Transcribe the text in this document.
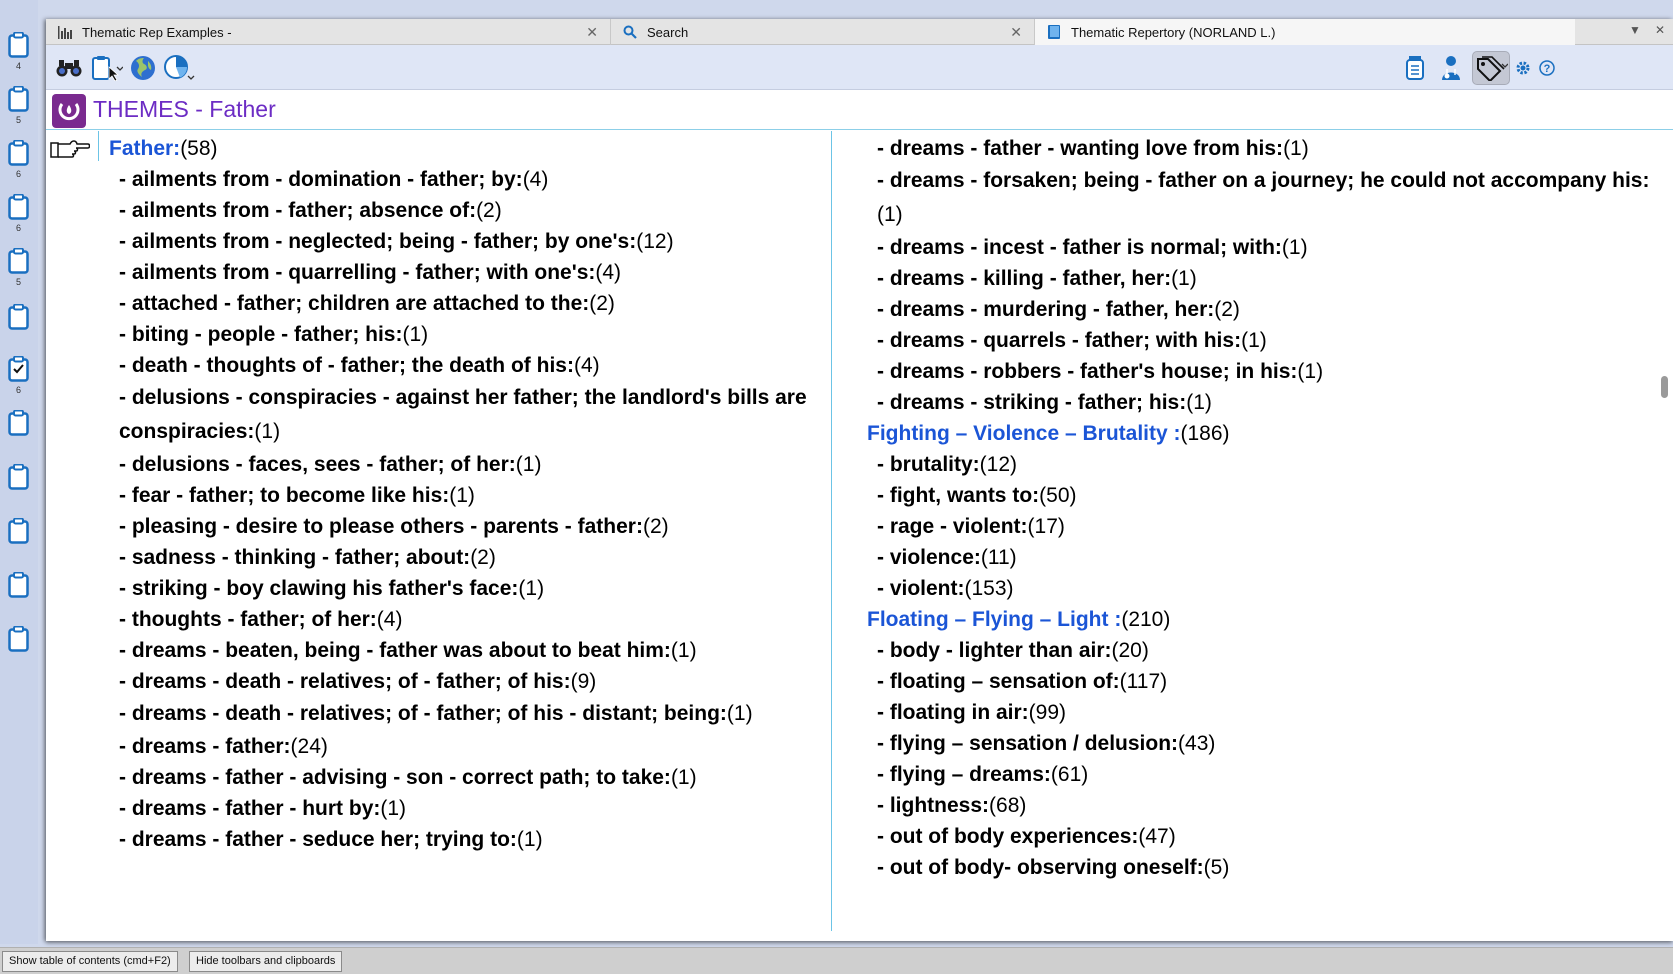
4
5
6
6
5
6
Thematic Rep Examples -	✕	Search	✕	Thematic Repertory (NORLAND L.)	▼ ✕
?
THEMES - Father
Father:(58)
- ailments from - domination - father; by:(4)
- ailments from - father; absence of:(2)
- ailments from - neglected; being - father; by one's:(12)
- ailments from - quarrelling - father; with one's:(4)
- attached - father; children are attached to the:(2)
- biting - people - father; his:(1)
- death - thoughts of - father; the death of his:(4)
- delusions - conspiracies - against her father; the landlord's bills are conspiracies:(1)
- delusions - faces, sees - father; of her:(1)
- fear - father; to become like his:(1)
- pleasing - desire to please others - parents - father:(2)
- sadness - thinking - father; about:(2)
- striking - boy clawing his father's face:(1)
- thoughts - father; of her:(4)
- dreams - beaten, being - father was about to beat him:(1)
- dreams - death - relatives; of - father; of his:(9)
- dreams - death - relatives; of - father; of his - distant; being:(1)
- dreams - father:(24)
- dreams - father - advising - son - correct path; to take:(1)
- dreams - father - hurt by:(1)
- dreams - father - seduce her; trying to:(1)
- dreams - father - wanting love from his:(1)
- dreams - forsaken; being - father on a journey; he could not accompany his:(1)
- dreams - incest - father is normal; with:(1)
- dreams - killing - father, her:(1)
- dreams - murdering - father, her:(2)
- dreams - quarrels - father; with his:(1)
- dreams - robbers - father's house; in his:(1)
- dreams - striking - father; his:(1)
Fighting – Violence – Brutality :(186)
- brutality:(12)
- fight, wants to:(50)
- rage - violent:(17)
- violence:(11)
- violent:(153)
Floating – Flying – Light :(210)
- body - lighter than air:(20)
- floating – sensation of:(117)
- floating in air:(99)
- flying – sensation / delusion:(43)
- flying – dreams:(61)
- lightness:(68)
- out of body experiences:(47)
- out of body- observing oneself:(5)
Show table of contents (cmd+F2)	Hide toolbars and clipboards
